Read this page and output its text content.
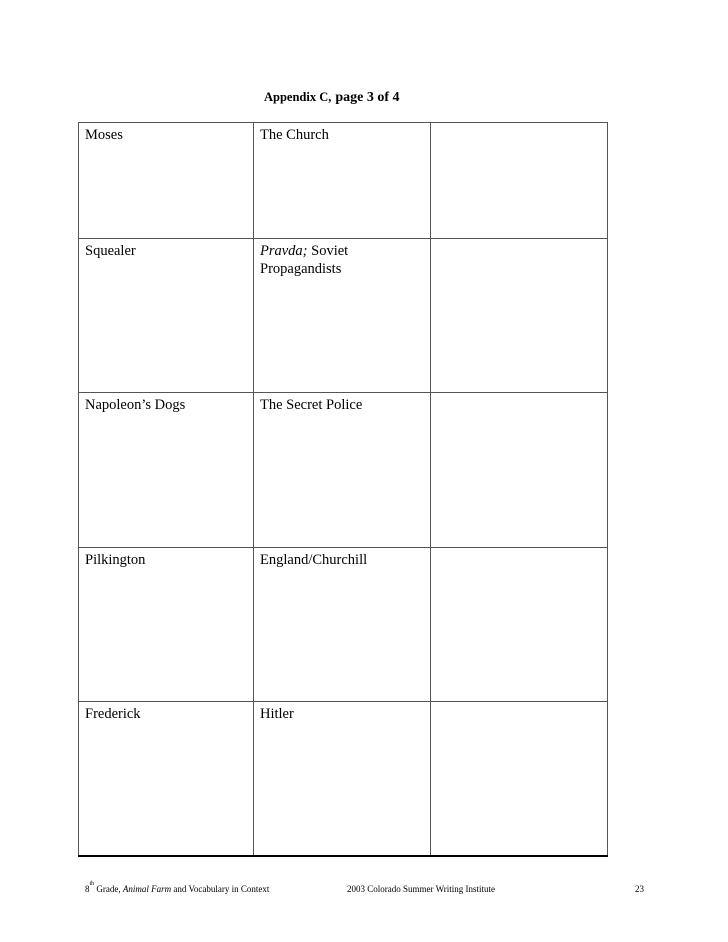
Appendix C, page 3 of 4
Moses	The Church	
Squealer	Pravda; Soviet Propagandists	
Napoleon’s Dogs	The Secret Police	
Pilkington	England/Churchill	
Frederick	Hitler	
8th Grade, Animal Farm and Vocabulary in Context	2003 Colorado Summer Writing Institute	23
